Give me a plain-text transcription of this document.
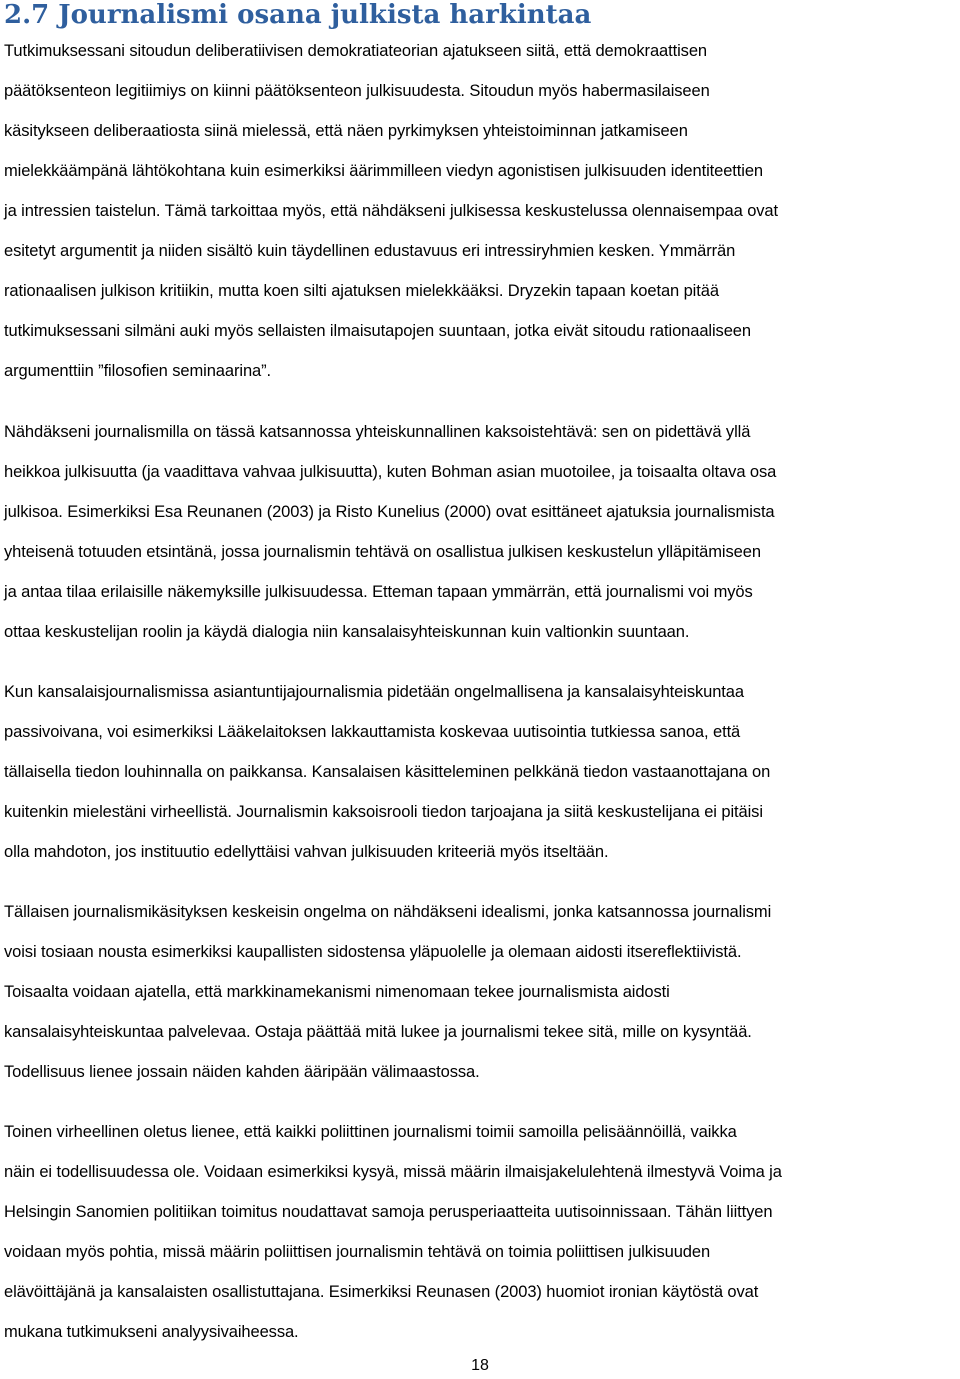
2.7 Journalismi osana julkista harkintaa
Tutkimuksessani sitoudun deliberatiivisen demokratiateorian ajatukseen siitä, että demokraattisen
päätöksenteon legitiimiys on kiinni päätöksenteon julkisuudesta. Sitoudun myös habermasilaiseen
käsitykseen deliberaatiosta siinä mielessä, että näen pyrkimyksen yhteistoiminnan jatkamiseen
mielekkäämpänä lähtökohtana kuin esimerkiksi äärimmilleen viedyn agonistisen julkisuuden identiteettien
ja intressien taistelun. Tämä tarkoittaa myös, että nähdäkseni julkisessa keskustelussa olennaisempaa ovat
esitetyt argumentit ja niiden sisältö kuin täydellinen edustavuus eri intressiryhmien kesken. Ymmärrän
rationaalisen julkison kritiikin, mutta koen silti ajatuksen mielekkääksi. Dryzekin tapaan koetan pitää
tutkimuksessani silmäni auki myös sellaisten ilmaisutapojen suuntaan, jotka eivät sitoudu rationaaliseen
argumenttiin ”filosofien seminaarina”.
Nähdäkseni journalismilla on tässä katsannossa yhteiskunnallinen kaksoistehtävä: sen on pidettävä yllä
heikkoa julkisuutta (ja vaadittava vahvaa julkisuutta), kuten Bohman asian muotoilee, ja toisaalta oltava osa
julkisoa. Esimerkiksi Esa Reunanen (2003) ja Risto Kunelius (2000) ovat esittäneet ajatuksia journalismista
yhteisenä totuuden etsintänä, jossa journalismin tehtävä on osallistua julkisen keskustelun ylläpitämiseen
ja antaa tilaa erilaisille näkemyksille julkisuudessa. Etteman tapaan ymmärrän, että journalismi voi myös
ottaa keskustelijan roolin ja käydä dialogia niin kansalaisyhteiskunnan kuin valtionkin suuntaan.
Kun kansalaisjournalismissa asiantuntijajournalismia pidetään ongelmallisena ja kansalaisyhteiskuntaa
passivoivana, voi esimerkiksi Lääkelaitoksen lakkauttamista koskevaa uutisointia tutkiessa sanoa, että
tällaisella tiedon louhinnalla on paikkansa. Kansalaisen käsitteleminen pelkkänä tiedon vastaanottajana on
kuitenkin mielestäni virheellistä. Journalismin kaksoisrooli tiedon tarjoajana ja siitä keskustelijana ei pitäisi
olla mahdoton, jos instituutio edellyttäisi vahvan julkisuuden kriteeriä myös itseltään.
Tällaisen journalismikäsityksen keskeisin ongelma on nähdäkseni idealismi, jonka katsannossa journalismi
voisi tosiaan nousta esimerkiksi kaupallisten sidostensa yläpuolelle ja olemaan aidosti itsereflektiivistä.
Toisaalta voidaan ajatella, että markkinamekanismi nimenomaan tekee journalismista aidosti
kansalaisyhteiskuntaa palvelevaa. Ostaja päättää mitä lukee ja journalismi tekee sitä, mille on kysyntää.
Todellisuus lienee jossain näiden kahden ääripään välimaastossa.
Toinen virheellinen oletus lienee, että kaikki poliittinen journalismi toimii samoilla pelisäännöillä, vaikka
näin ei todellisuudessa ole. Voidaan esimerkiksi kysyä, missä määrin ilmaisjakelulehtenä ilmestyvä Voima ja
Helsingin Sanomien politiikan toimitus noudattavat samoja perusperiaatteita uutisoinnissaan. Tähän liittyen
voidaan myös pohtia, missä määrin poliittisen journalismin tehtävä on toimia poliittisen julkisuuden
elävöittäjänä ja kansalaisten osallistuttajana. Esimerkiksi Reunasen (2003) huomiot ironian käytöstä ovat
mukana tutkimukseni analyysivaiheessa.
18
